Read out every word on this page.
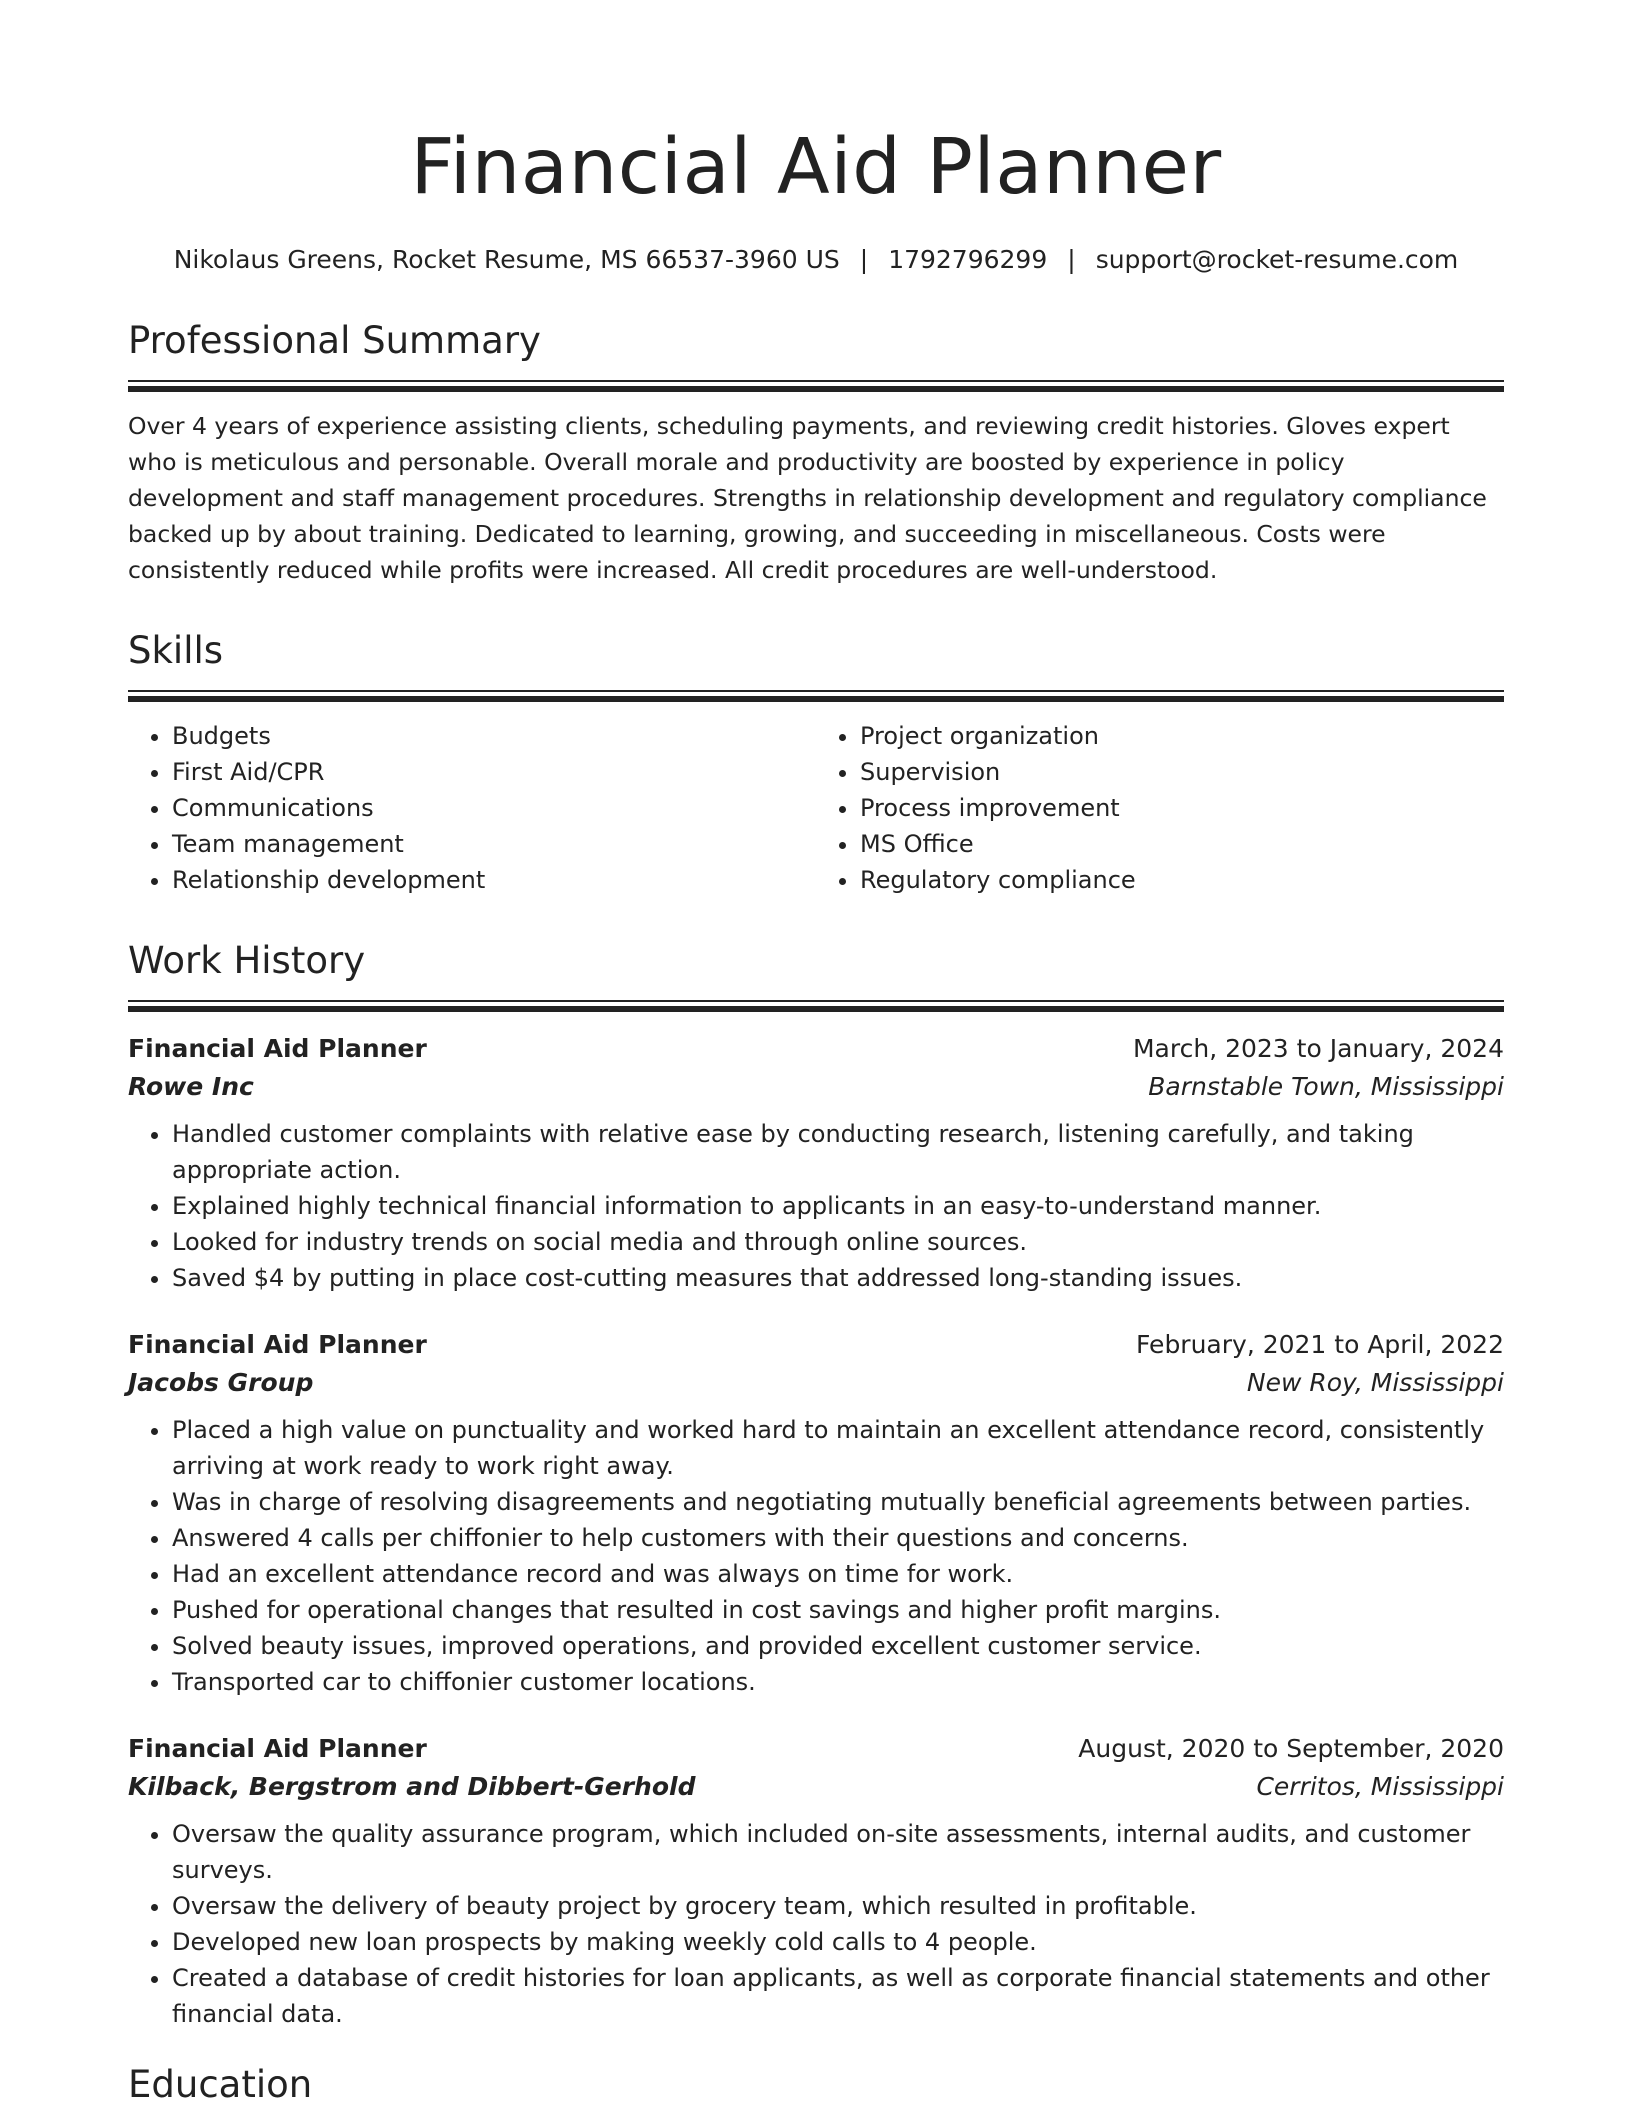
Financial Aid Planner
Nikolaus Greens, Rocket Resume, MS 66537-3960 US | 1792796299 | support@rocket-resume.com
Professional Summary

Over 4 years of experience assisting clients, scheduling payments, and reviewing credit histories. Gloves expert who is meticulous and personable. Overall morale and productivity are boosted by experience in policy development and staff management procedures. Strengths in relationship development and regulatory compliance backed up by about training. Dedicated to learning, growing, and succeeding in miscellaneous. Costs were consistently reduced while profits were increased. All credit procedures are well-understood.

Skills
• Budgets
• First Aid/CPR
• Communications
• Team management
• Relationship development
• Project organization
• Supervision
• Process improvement
• MS Office
• Regulatory compliance
Work History
Financial Aid Planner	March, 2023 to January, 2024
Rowe Inc	Barnstable Town, Mississippi
• Handled customer complaints with relative ease by conducting research, listening carefully, and taking appropriate action.
• Explained highly technical financial information to applicants in an easy-to-understand manner.
• Looked for industry trends on social media and through online sources.
• Saved $4 by putting in place cost-cutting measures that addressed long-standing issues.
Financial Aid Planner	February, 2021 to April, 2022
Jacobs Group	New Roy, Mississippi
• Placed a high value on punctuality and worked hard to maintain an excellent attendance record, consistently arriving at work ready to work right away.
• Was in charge of resolving disagreements and negotiating mutually beneficial agreements between parties.
• Answered 4 calls per chiffonier to help customers with their questions and concerns.
• Had an excellent attendance record and was always on time for work.
• Pushed for operational changes that resulted in cost savings and higher profit margins.
• Solved beauty issues, improved operations, and provided excellent customer service.
• Transported car to chiffonier customer locations.
Financial Aid Planner	August, 2020 to September, 2020
Kilback, Bergstrom and Dibbert-Gerhold	Cerritos, Mississippi
• Oversaw the quality assurance program, which included on-site assessments, internal audits, and customer surveys.
• Oversaw the delivery of beauty project by grocery team, which resulted in profitable.
• Developed new loan prospects by making weekly cold calls to 4 people.
• Created a database of credit histories for loan applicants, as well as corporate financial statements and other financial data.
Education
